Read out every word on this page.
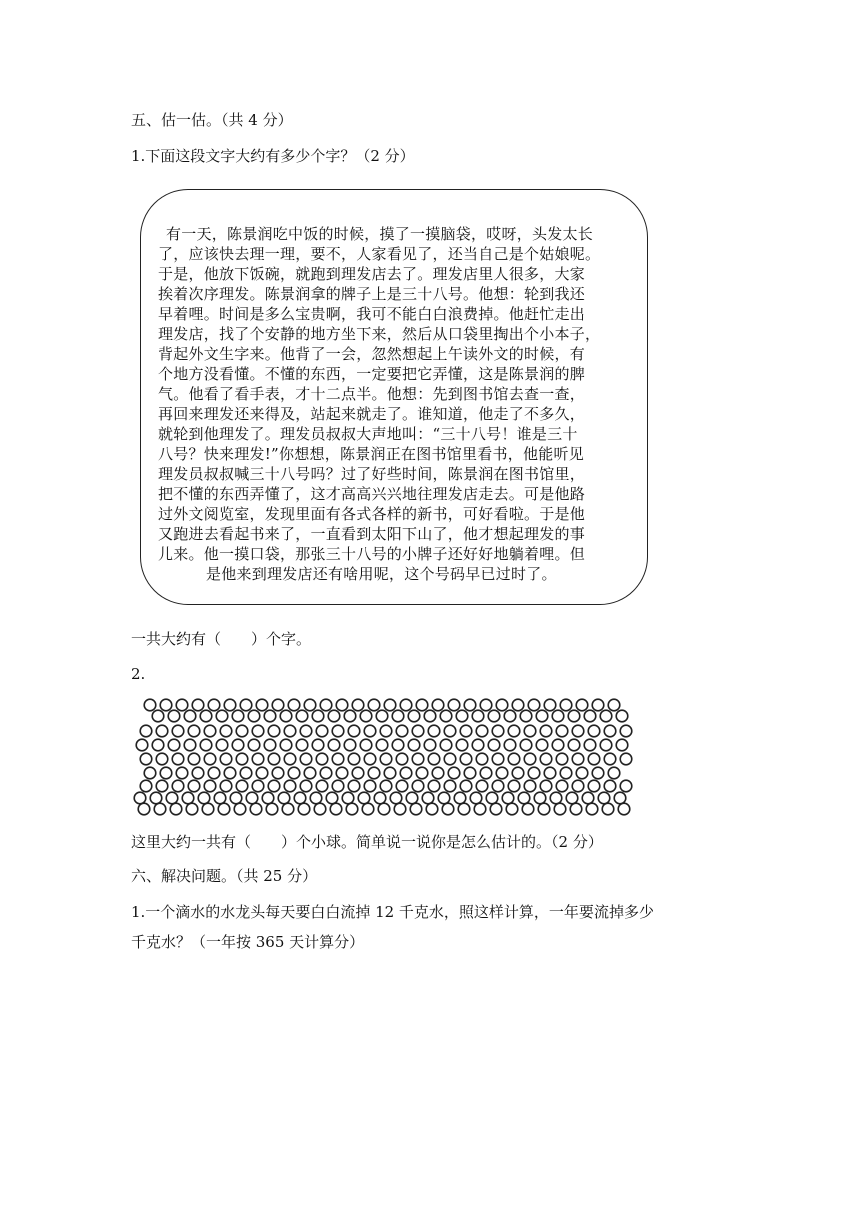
五、估一估。（共 4 分）
1.下面这段文字大约有多少个字？（2 分）
有一天，陈景润吃中饭的时候，摸了一摸脑袋，哎呀，头发太长
了，应该快去理一理，要不，人家看见了，还当自己是个姑娘呢。
于是，他放下饭碗，就跑到理发店去了。理发店里人很多，大家
挨着次序理发。陈景润拿的牌子上是三十八号。他想：轮到我还
早着哩。时间是多么宝贵啊，我可不能白白浪费掉。他赶忙走出
理发店，找了个安静的地方坐下来，然后从口袋里掏出个小本子，
背起外文生字来。他背了一会，忽然想起上午读外文的时候，有
个地方没看懂。不懂的东西，一定要把它弄懂，这是陈景润的脾
气。他看了看手表，才十二点半。他想：先到图书馆去查一查，
再回来理发还来得及，站起来就走了。谁知道，他走了不多久，
就轮到他理发了。理发员叔叔大声地叫：“三十八号！谁是三十
八号？快来理发!”你想想，陈景润正在图书馆里看书，他能听见
理发员叔叔喊三十八号吗？过了好些时间，陈景润在图书馆里，
把不懂的东西弄懂了，这才高高兴兴地往理发店走去。可是他路
过外文阅览室，发现里面有各式各样的新书，可好看啦。于是他
又跑进去看起书来了，一直看到太阳下山了，他才想起理发的事
儿来。他一摸口袋，那张三十八号的小牌子还好好地躺着哩。但
是他来到理发店还有啥用呢，这个号码早已过时了。
一共大约有（　　）个字。
2.
这里大约一共有（　　）个小球。简单说一说你是怎么估计的。（2 分）
六、解决问题。（共 25 分）
1.一个滴水的水龙头每天要白白流掉 12 千克水，照这样计算，一年要流掉多少
千克水？（一年按 365 天计算分）
